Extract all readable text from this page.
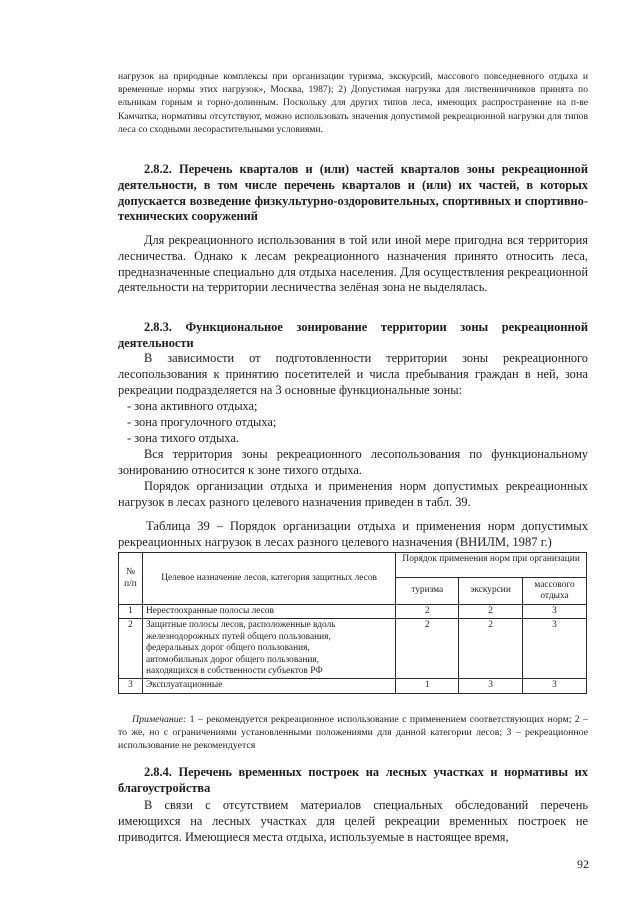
нагрузок на природные комплексы при организации туризма, экскурсий, массового повседневного отдыха и временные нормы этих нагрузок», Москва, 1987); 2) Допустимая нагрузка для лиственничников принята по ельникам горным и горно-долинным. Поскольку для других типов леса, имеющих распространение на п-ве Камчатка, нормативы отсутствуют, можно использовать значения допустимой рекреационной нагрузки для типов леса со сходными лесорастительными условиями.
2.8.2. Перечень кварталов и (или) частей кварталов зоны рекреационной деятельности, в том числе перечень кварталов и (или) их частей, в которых допускается возведение физкультурно-оздоровительных, спортивных и спортивно-технических сооружений
Для рекреационного использования в той или иной мере пригодна вся территория лесничества. Однако к лесам рекреационного назначения принято относить леса, предназначенные специально для отдыха населения. Для осуществления рекреационной деятельности на территории лесничества зелёная зона не выделялась.
2.8.3. Функциональное зонирование территории зоны рекреационной деятельности
В зависимости от подготовленности территории зоны рекреационного лесопользования к принятию посетителей и числа пребывания граждан в ней, зона рекреации подразделяется на 3 основные функциональные зоны:
- зона активного отдыха;
- зона прогулочного отдыха;
- зона тихого отдыха.
Вся территория зоны рекреационного лесопользования по функциональному зонированию относится к зоне тихого отдыха.
Порядок организации отдыха и применения норм допустимых рекреационных нагрузок в лесах разного целевого назначения приведен в табл. 39.
Таблица 39 – Порядок организации отдыха и применения норм допустимых рекреационных нагрузок в лесах разного целевого назначения (ВНИЛМ, 1987 г.)
№ п/п	Целевое назначение лесов, категория защитных лесов	Порядок применения норм при организации		
		туризма	экскурсии	массового отдыха
1	Нерестоохранные полосы лесов	2	2	3
2	Защитные полосы лесов, расположенные вдоль железнодорожных путей общего пользования, федеральных дорог общего пользования, автомобильных дорог общего пользования, находящихся в собственности субъектов РФ	2	2	3
3	Эксплуатационные	1	3	3
Примечание: 1 – рекомендуется рекреационное использование с применением соответствующих норм; 2 – то же, но с ограничениями установленными положениями для данной категории лесов; 3 – рекреационное использование не рекомендуется
2.8.4. Перечень временных построек на лесных участках и нормативы их благоустройства
В связи с отсутствием материалов специальных обследований перечень имеющихся на лесных участках для целей рекреации временных построек не приводится. Имеющиеся места отдыха, используемые в настоящее время,
92
